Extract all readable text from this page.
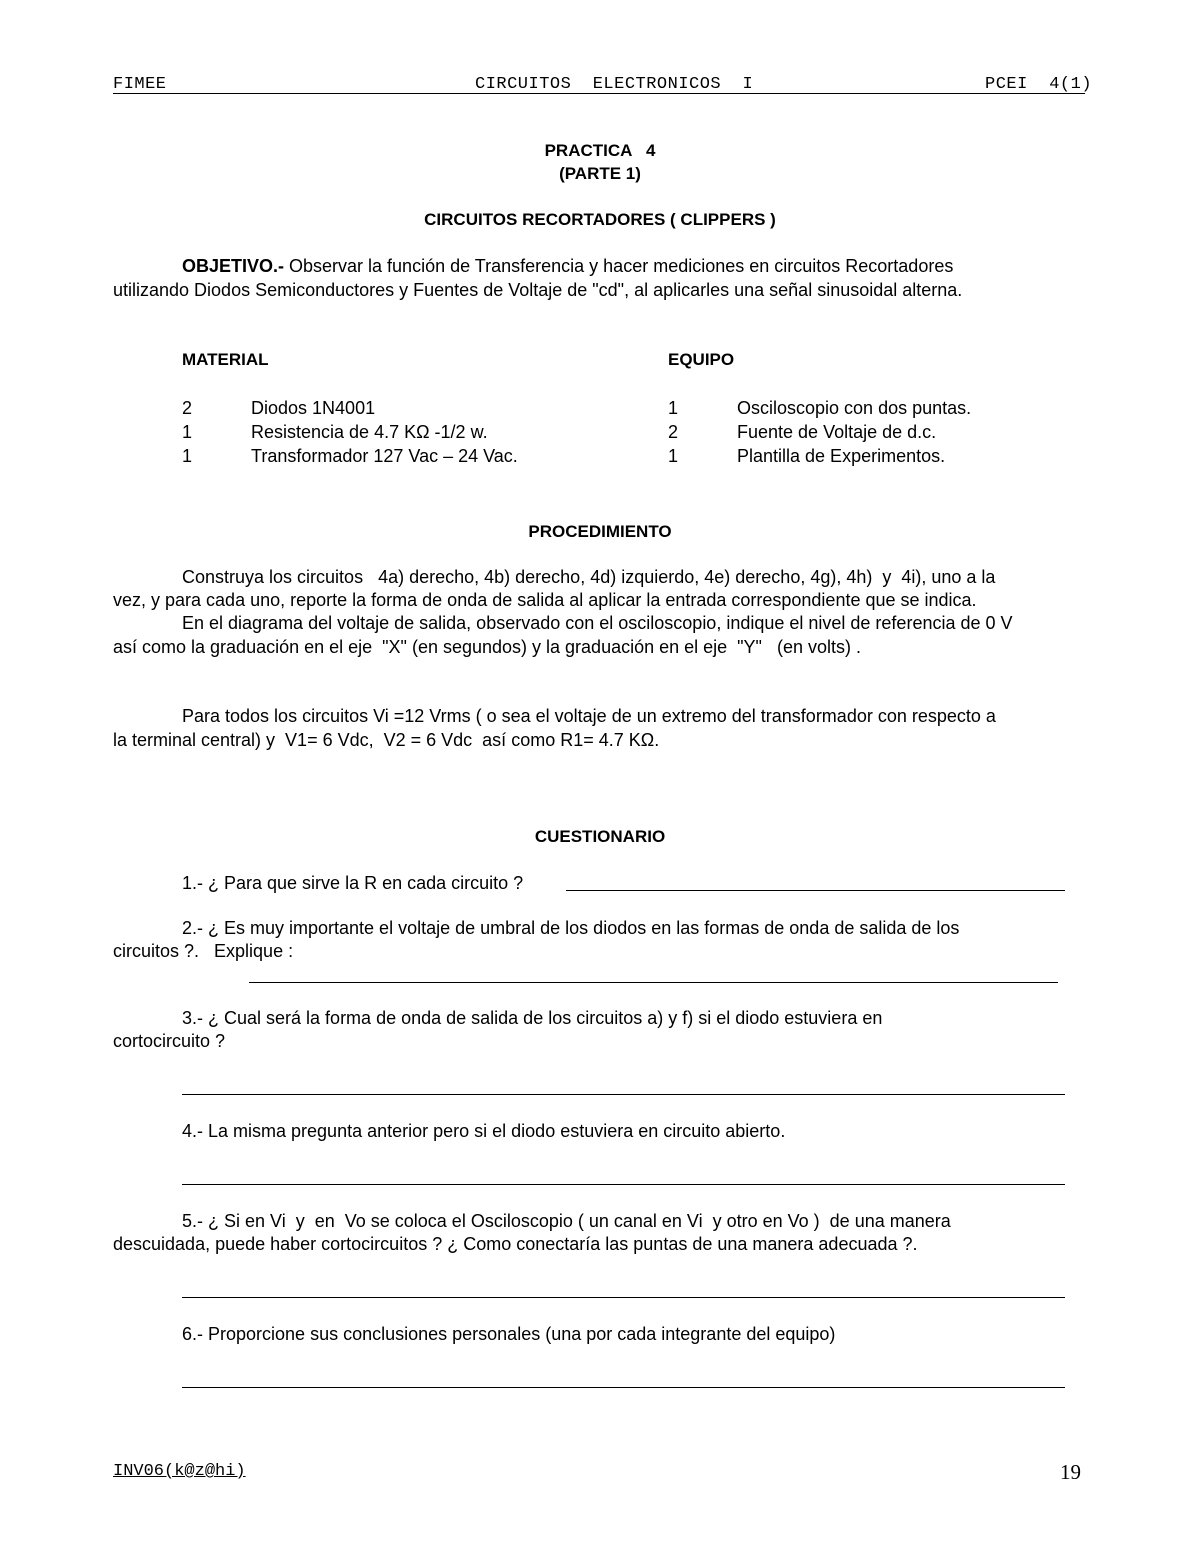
FIMEE	CIRCUITOS  ELECTRONICOS  I	PCEI  4(1)
PRACTICA   4
(PARTE 1)
CIRCUITOS RECORTADORES ( CLIPPERS )
OBJETIVO.- Observar la función de Transferencia y hacer mediciones en circuitos Recortadores
utilizando Diodos Semiconductores y Fuentes de Voltaje de "cd", al aplicarles una señal sinusoidal alterna.
MATERIAL	EQUIPO
2	Diodos 1N4001
1	Resistencia de 4.7 KΩ -1/2 w.
1	Transformador 127 Vac – 24 Vac.
1	Osciloscopio con dos puntas.
2	Fuente de Voltaje de d.c.
1	Plantilla de Experimentos.
PROCEDIMIENTO
Construya los circuitos   4a) derecho, 4b) derecho, 4d) izquierdo, 4e) derecho, 4g), 4h)  y  4i), uno a la
vez, y para cada uno, reporte la forma de onda de salida al aplicar la entrada correspondiente que se indica.
En el diagrama del voltaje de salida, observado con el osciloscopio, indique el nivel de referencia de 0 V
así como la graduación en el eje  "X" (en segundos) y la graduación en el eje  "Y"   (en volts) .
Para todos los circuitos Vi =12 Vrms ( o sea el voltaje de un extremo del transformador con respecto a
la terminal central) y  V1= 6 Vdc,  V2 = 6 Vdc  así como R1= 4.7 KΩ.
CUESTIONARIO
1.- ¿ Para que sirve la R en cada circuito ?
2.- ¿ Es muy importante el voltaje de umbral de los diodos en las formas de onda de salida de los
circuitos ?.   Explique :
3.- ¿ Cual será la forma de onda de salida de los circuitos a) y f) si el diodo estuviera en
cortocircuito ?
4.- La misma pregunta anterior pero si el diodo estuviera en circuito abierto.
5.- ¿ Si en Vi  y  en  Vo se coloca el Osciloscopio ( un canal en Vi  y otro en Vo )  de una manera
descuidada, puede haber cortocircuitos ? ¿ Como conectaría las puntas de una manera adecuada ?.
6.- Proporcione sus conclusiones personales (una por cada integrante del equipo)
INV06(k@z@hi)	19
